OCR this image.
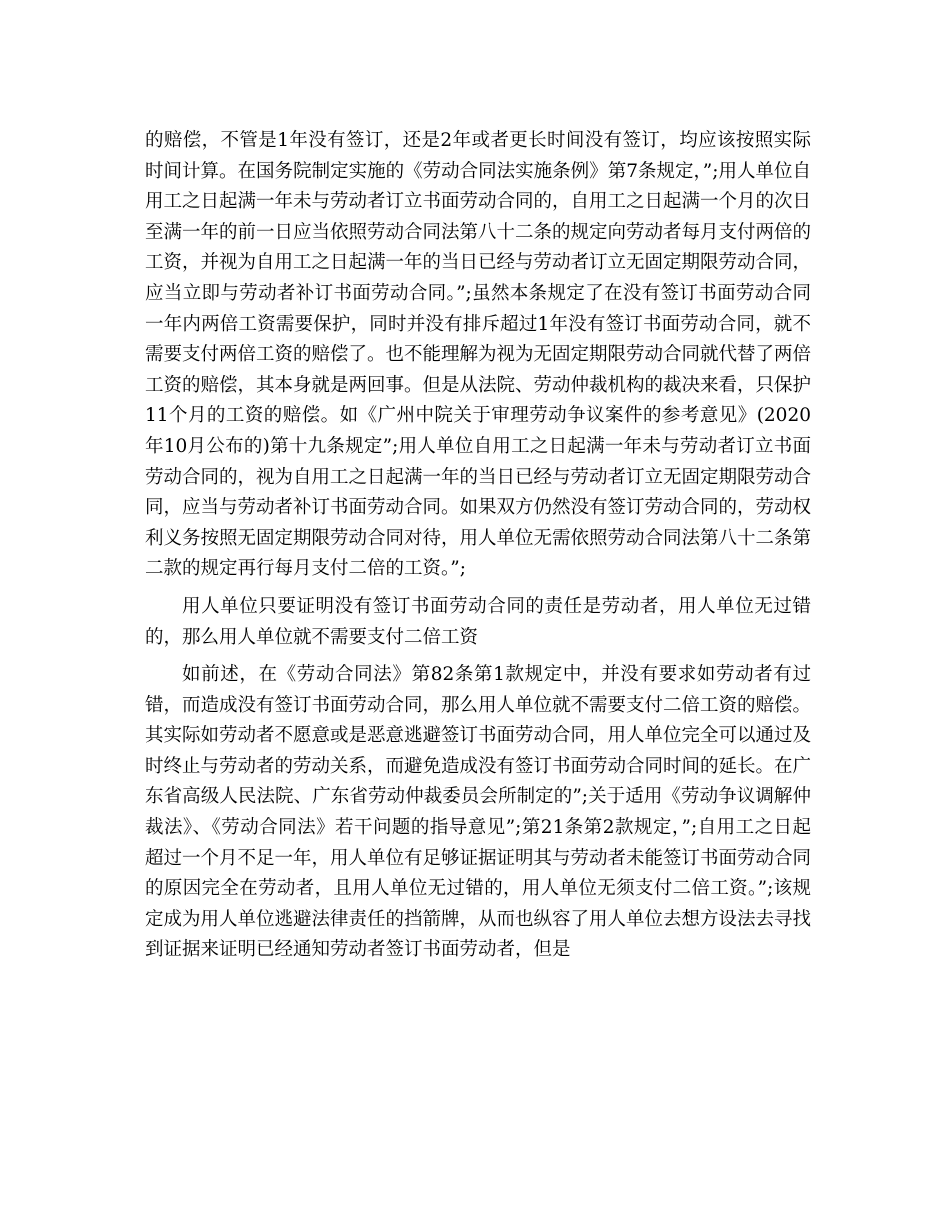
的赔偿，不管是1年没有签订，还是2年或者更长时间没有签订，均应该按照实际时间计算。在国务院制定实施的《劳动合同法实施条例》第7条规定，”;用人单位自用工之日起满一年未与劳动者订立书面劳动合同的，自用工之日起满一个月的次日至满一年的前一日应当依照劳动合同法第八十二条的规定向劳动者每月支付两倍的工资，并视为自用工之日起满一年的当日已经与劳动者订立无固定期限劳动合同，应当立即与劳动者补订书面劳动合同。”;虽然本条规定了在没有签订书面劳动合同一年内两倍工资需要保护，同时并没有排斥超过1年没有签订书面劳动合同，就不需要支付两倍工资的赔偿了。也不能理解为视为无固定期限劳动合同就代替了两倍工资的赔偿，其本身就是两回事。但是从法院、劳动仲裁机构的裁决来看，只保护11个月的工资的赔偿。如《广州中院关于审理劳动争议案件的参考意见》(2020年10月公布的)第十九条规定”;用人单位自用工之日起满一年未与劳动者订立书面劳动合同的，视为自用工之日起满一年的当日已经与劳动者订立无固定期限劳动合同，应当与劳动者补订书面劳动合同。如果双方仍然没有签订劳动合同的，劳动权利义务按照无固定期限劳动合同对待，用人单位无需依照劳动合同法第八十二条第二款的规定再行每月支付二倍的工资。”;

用人单位只要证明没有签订书面劳动合同的责任是劳动者，用人单位无过错的，那么用人单位就不需要支付二倍工资

如前述，在《劳动合同法》第82条第1款规定中，并没有要求如劳动者有过错，而造成没有签订书面劳动合同，那么用人单位就不需要支付二倍工资的赔偿。其实际如劳动者不愿意或是恶意逃避签订书面劳动合同，用人单位完全可以通过及时终止与劳动者的劳动关系，而避免造成没有签订书面劳动合同时间的延长。在广东省高级人民法院、广东省劳动仲裁委员会所制定的”;关于适用《劳动争议调解仲裁法》、《劳动合同法》若干问题的指导意见”;第21条第2款规定，”;自用工之日起超过一个月不足一年，用人单位有足够证据证明其与劳动者未能签订书面劳动合同的原因完全在劳动者，且用人单位无过错的，用人单位无须支付二倍工资。”;该规定成为用人单位逃避法律责任的挡箭牌，从而也纵容了用人单位去想方设法去寻找到证据来证明已经通知劳动者签订书面劳动者，但是
